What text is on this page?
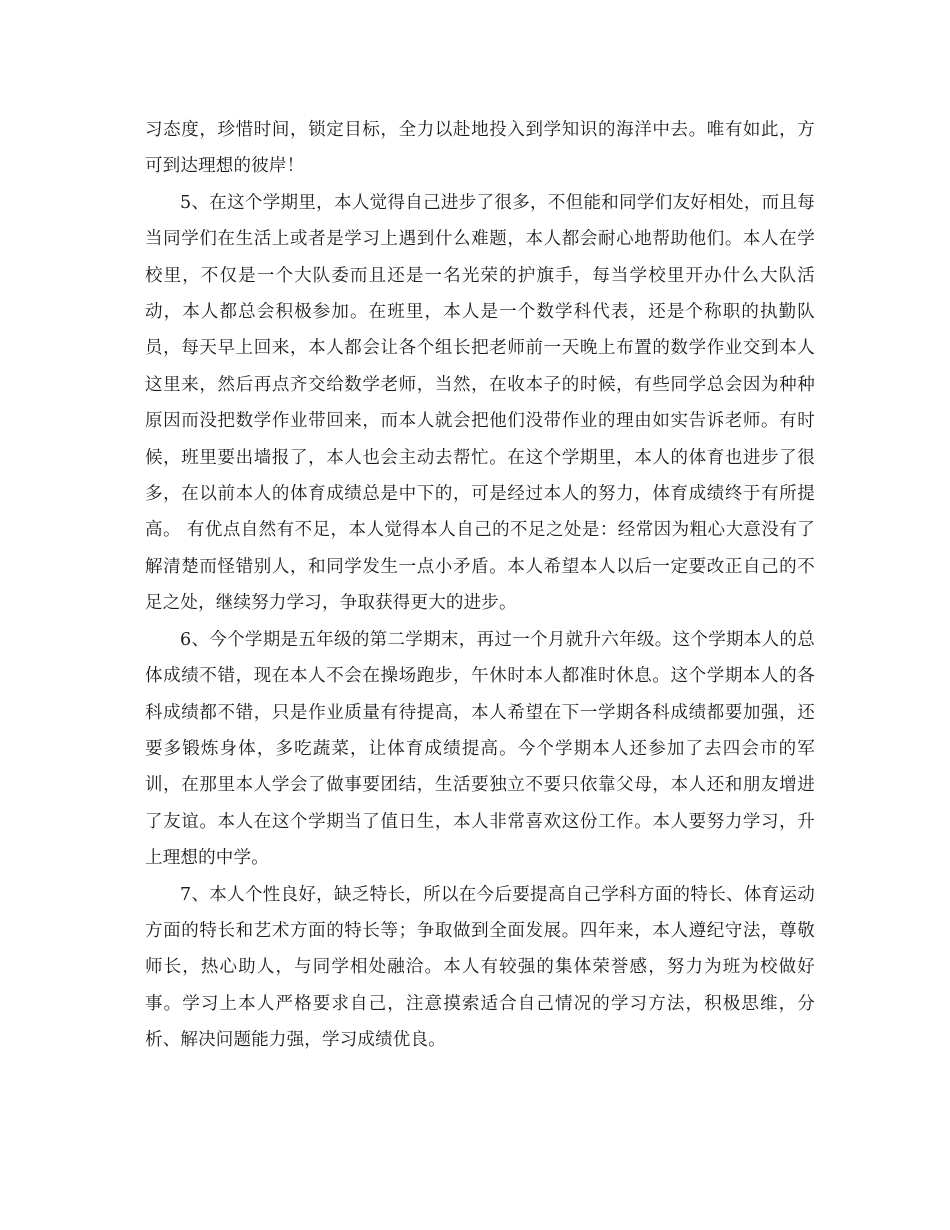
习态度，珍惜时间，锁定目标，全力以赴地投入到学知识的海洋中去。唯有如此，方可到达理想的彼岸！

5、在这个学期里，本人觉得自己进步了很多，不但能和同学们友好相处，而且每当同学们在生活上或者是学习上遇到什么难题，本人都会耐心地帮助他们。本人在学校里，不仅是一个大队委而且还是一名光荣的护旗手，每当学校里开办什么大队活动，本人都总会积极参加。在班里，本人是一个数学科代表，还是个称职的执勤队员，每天早上回来，本人都会让各个组长把老师前一天晚上布置的数学作业交到本人这里来，然后再点齐交给数学老师，当然，在收本子的时候，有些同学总会因为种种原因而没把数学作业带回来，而本人就会把他们没带作业的理由如实告诉老师。有时候，班里要出墙报了，本人也会主动去帮忙。在这个学期里，本人的体育也进步了很多，在以前本人的体育成绩总是中下的，可是经过本人的努力，体育成绩终于有所提高。 有优点自然有不足，本人觉得本人自己的不足之处是：经常因为粗心大意没有了解清楚而怪错别人，和同学发生一点小矛盾。本人希望本人以后一定要改正自己的不足之处，继续努力学习，争取获得更大的进步。

6、今个学期是五年级的第二学期末，再过一个月就升六年级。这个学期本人的总体成绩不错，现在本人不会在操场跑步，午休时本人都准时休息。这个学期本人的各科成绩都不错，只是作业质量有待提高，本人希望在下一学期各科成绩都要加强，还要多锻炼身体，多吃蔬菜，让体育成绩提高。今个学期本人还参加了去四会市的军训，在那里本人学会了做事要团结，生活要独立不要只依靠父母，本人还和朋友增进了友谊。本人在这个学期当了值日生，本人非常喜欢这份工作。本人要努力学习，升上理想的中学。

7、本人个性良好，缺乏特长，所以在今后要提高自己学科方面的特长、体育运动方面的特长和艺术方面的特长等；争取做到全面发展。四年来，本人遵纪守法，尊敬师长，热心助人，与同学相处融洽。本人有较强的集体荣誉感，努力为班为校做好事。学习上本人严格要求自己，注意摸索适合自己情况的学习方法，积极思维，分析、解决问题能力强，学习成绩优良。
